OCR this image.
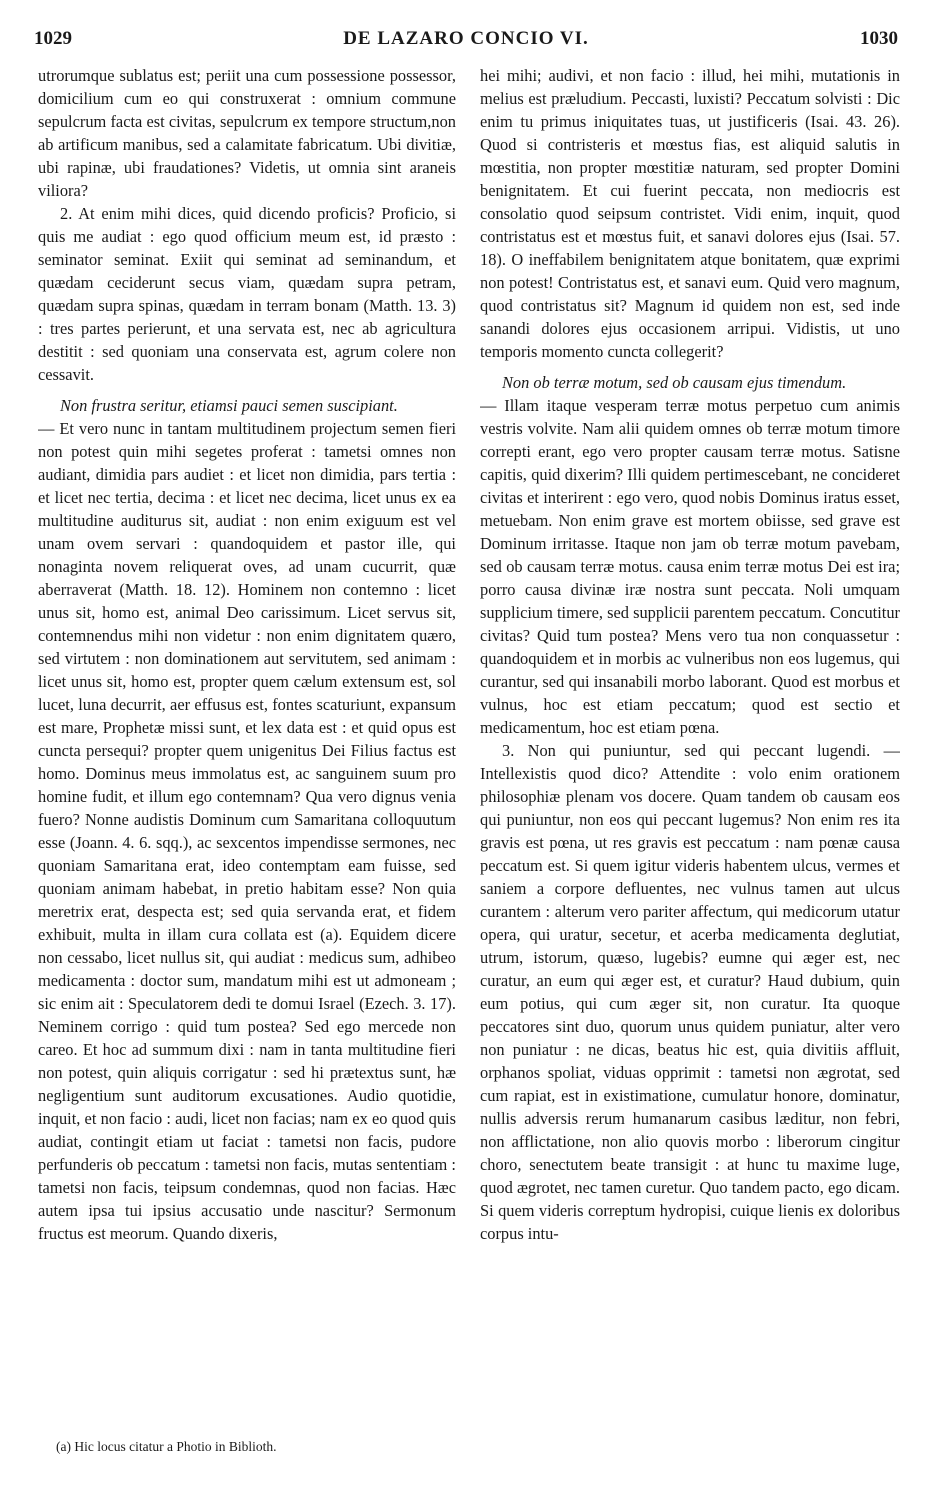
1029	DE LAZARO CONCIO VI.	1030

utrorumque sublatus est; periit una cum possessione possessor, domicilium cum eo qui construxerat : omnium commune sepulcrum facta est civitas, sepulcrum ex tempore structum,non ab artificum manibus, sed a calamitate fabricatum. Ubi divitiæ, ubi rapinæ, ubi fraudationes? Videtis, ut omnia sint araneis viliora?

2. At enim mihi dices, quid dicendo proficis? Proficio, si quis me audiat : ego quod officium meum est, id præsto : seminator seminat. Exiit qui seminat ad seminandum, et quædam ceciderunt secus viam, quædam supra petram, quædam supra spinas, quædam in terram bonam (Matth. 13. 3) : tres partes perierunt, et una servata est, nec ab agricultura destitit : sed quoniam una conservata est, agrum colere non cessavit.

Non frustra seritur, etiamsi pauci semen suscipiant.

— Et vero nunc in tantam multitudinem projectum semen fieri non potest quin mihi segetes proferat : tametsi omnes non audiant, dimidia pars audiet : et licet non dimidia, pars tertia : et licet nec tertia, decima : et licet nec decima, licet unus ex ea multitudine auditurus sit, audiat : non enim exiguum est vel unam ovem servari : quandoquidem et pastor ille, qui nonaginta novem reliquerat oves, ad unam cucurrit, quæ aberraverat (Matth. 18. 12). Hominem non contemno : licet unus sit, homo est, animal Deo carissimum. Licet servus sit, contemnendus mihi non videtur : non enim dignitatem quæro, sed virtutem : non dominationem aut servitutem, sed animam : licet unus sit, homo est, propter quem cælum extensum est, sol lucet, luna decurrit, aer effusus est, fontes scaturiunt, expansum est mare, Prophetæ missi sunt, et lex data est : et quid opus est cuncta persequi? propter quem unigenitus Dei Filius factus est homo. Dominus meus immolatus est, ac sanguinem suum pro homine fudit, et illum ego contemnam? Qua vero dignus venia fuero? Nonne audistis Dominum cum Samaritana colloquutum esse (Joann. 4. 6. sqq.), ac sexcentos impendisse sermones, nec quoniam Samaritana erat, ideo contemptam eam fuisse, sed quoniam animam habebat, in pretio habitam esse? Non quia meretrix erat, despecta est; sed quia servanda erat, et fidem exhibuit, multa in illam cura collata est (a). Equidem dicere non cessabo, licet nullus sit, qui audiat : medicus sum, adhibeo medicamenta : doctor sum, mandatum mihi est ut admoneam ; sic enim ait : Speculatorem dedi te domui Israel (Ezech. 3. 17). Neminem corrigo : quid tum postea? Sed ego mercede non careo. Et hoc ad summum dixi : nam in tanta multitudine fieri non potest, quin aliquis corrigatur : sed hi prætextus sunt, hæ negligentium sunt auditorum excusationes. Audio quotidie, inquit, et non facio : audi, licet non facias; nam ex eo quod quis audiat, contingit etiam ut faciat : tametsi non facis, pudore perfunderis ob peccatum : tametsi non facis, mutas sententiam : tametsi non facis, teipsum condemnas, quod non facias. Hæc autem ipsa tui ipsius accusatio unde nascitur? Sermonum fructus est meorum. Quando dixeris,

(a) Hic locus citatur a Photio in Biblioth.

hei mihi; audivi, et non facio : illud, hei mihi, mutationis in melius est præludium. Peccasti, luxisti? Peccatum solvisti : Dic enim tu primus iniquitates tuas, ut justificeris (Isai. 43. 26). Quod si contristeris et mœstus fias, est aliquid salutis in mœstitia, non propter mœstitiæ naturam, sed propter Domini benignitatem. Et cui fuerint peccata, non mediocris est consolatio quod seipsum contristet. Vidi enim, inquit, quod contristatus est et mœstus fuit, et sanavi dolores ejus (Isai. 57. 18). O ineffabilem benignitatem atque bonitatem, quæ exprimi non potest! Contristatus est, et sanavi eum. Quid vero magnum, quod contristatus sit? Magnum id quidem non est, sed inde sanandi dolores ejus occasionem arripui. Vidistis, ut uno temporis momento cuncta collegerit?

Non ob terræ motum, sed ob causam ejus timendum.

— Illam itaque vesperam terræ motus perpetuo cum animis vestris volvite. Nam alii quidem omnes ob terræ motum timore correpti erant, ego vero propter causam terræ motus. Satisne capitis, quid dixerim? Illi quidem pertimescebant, ne concideret civitas et interirent : ego vero, quod nobis Dominus iratus esset, metuebam. Non enim grave est mortem obiisse, sed grave est Dominum irritasse. Itaque non jam ob terræ motum pavebam, sed ob causam terræ motus. causa enim terræ motus Dei est ira; porro causa divinæ iræ nostra sunt peccata. Noli umquam supplicium timere, sed supplicii parentem peccatum. Concutitur civitas? Quid tum postea? Mens vero tua non conquassetur : quandoquidem et in morbis ac vulneribus non eos lugemus, qui curantur, sed qui insanabili morbo laborant. Quod est morbus et vulnus, hoc est etiam peccatum; quod est sectio et medicamentum, hoc est etiam pœna.

3. Non qui puniuntur, sed qui peccant lugendi. — Intellexistis quod dico? Attendite : volo enim orationem philosophiæ plenam vos docere. Quam tandem ob causam eos qui puniuntur, non eos qui peccant lugemus? Non enim res ita gravis est pœna, ut res gravis est peccatum : nam pœnæ causa peccatum est. Si quem igitur videris habentem ulcus, vermes et saniem a corpore defluentes, nec vulnus tamen aut ulcus curantem : alterum vero pariter affectum, qui medicorum utatur opera, qui uratur, secetur, et acerba medicamenta deglutiat, utrum, istorum, quæso, lugebis? eumne qui æger est, nec curatur, an eum qui æger est, et curatur? Haud dubium, quin eum potius, qui cum æger sit, non curatur. Ita quoque peccatores sint duo, quorum unus quidem puniatur, alter vero non puniatur : ne dicas, beatus hic est, quia divitiis affluit, orphanos spoliat, viduas opprimit : tametsi non ægrotat, sed cum rapiat, est in existimatione, cumulatur honore, dominatur, nullis adversis rerum humanarum casibus læditur, non febri, non afflictatione, non alio quovis morbo : liberorum cingitur choro, senectutem beate transigit : at hunc tu maxime luge, quod ægrotet, nec tamen curetur. Quo tandem pacto, ego dicam. Si quem videris correptum hydropisi, cuique lienis ex doloribus corpus intu-
